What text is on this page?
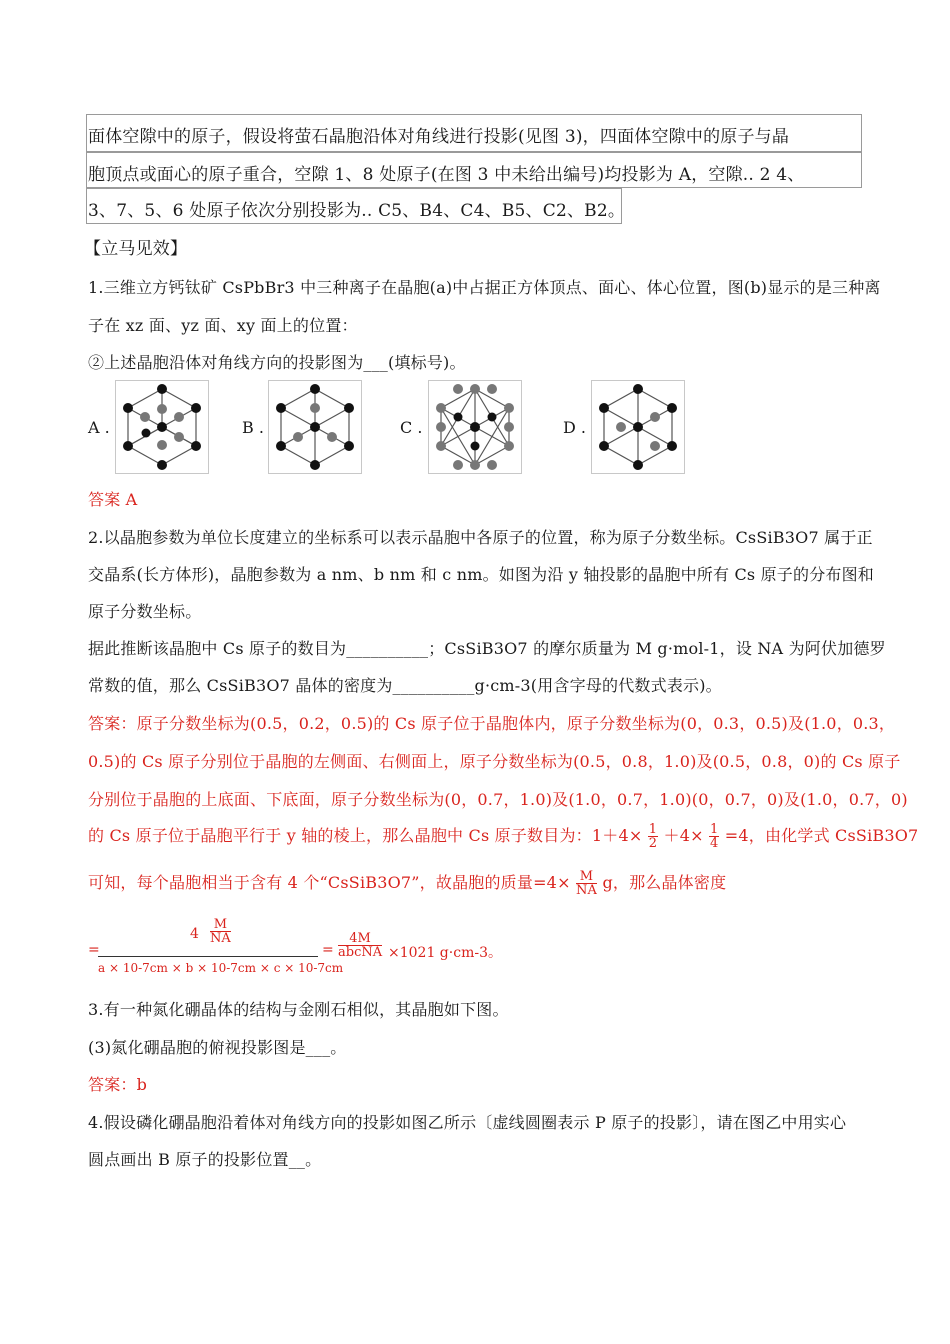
面体空隙中的原子，假设将萤石晶胞沿体对角线进行投影(见图 3)，四面体空隙中的原子与晶
胞顶点或面心的原子重合，空隙 1、8 处原子(在图 3 中未给出编号)均投影为 A，空隙.. 2 4、
3、7、5、6 处原子依次分别投影为.. C5、B4、C4、B5、C2、B2。
【立马见效】
1.三维立方钙钛矿 CsPbBr3 中三种离子在晶胞(a)中占据正方体顶点、面心、体心位置，图(b)显示的是三种离
子在 xz 面、yz 面、xy 面上的位置：
②上述晶胞沿体对角线方向的投影图为___(填标号)。
A .	B .	C .	D .
答案 A
2.以晶胞参数为单位长度建立的坐标系可以表示晶胞中各原子的位置，称为原子分数坐标。CsSiB3O7 属于正
交晶系(长方体形)，晶胞参数为 a nm、b nm 和 c nm。如图为沿 y 轴投影的晶胞中所有 Cs 原子的分布图和
原子分数坐标。
据此推断该晶胞中 Cs 原子的数目为__________；CsSiB3O7 的摩尔质量为 M g·mol-1，设 NA 为阿伏加德罗
常数的值，那么 CsSiB3O7 晶体的密度为__________g·cm-3(用含字母的代数式表示)。
答案：原子分数坐标为(0.5，0.2，0.5)的 Cs 原子位于晶胞体内，原子分数坐标为(0，0.3，0.5)及(1.0，0.3，
0.5)的 Cs 原子分别位于晶胞的左侧面、右侧面上，原子分数坐标为(0.5，0.8，1.0)及(0.5，0.8，0)的 Cs 原子
分别位于晶胞的上底面、下底面，原子分数坐标为(0，0.7，1.0)及(1.0，0.7，1.0)(0，0.7，0)及(1.0，0.7，0)
的 Cs 原子位于晶胞平行于 y 轴的棱上，那么晶胞中 Cs 原子数目为：$1+4\times \frac{1}{2} +4\times \frac{1}{4} =4$，由化学式 CsSiB3O7
可知，每个晶胞相当于含有 4 个“CsSiB3O7”，故晶胞的质量$=4\times \frac{M}{NA}$ g，那么晶体密度
=
$\frac{4 \frac{M}{NA}}{a \times 10-7cm \times b \times 10-7cm \times c \times 10-7cm}$ =
4M
abcNA ×1021 g·cm-3。
3.有一种氮化硼晶体的结构与金刚石相似，其晶胞如下图。
(3)氮化硼晶胞的俯视投影图是___。
答案：b
4.假设磷化硼晶胞沿着体对角线方向的投影如图乙所示〔虚线圆圈表示 P 原子的投影〕，请在图乙中用实心
圆点画出 B 原子的投影位置__。
